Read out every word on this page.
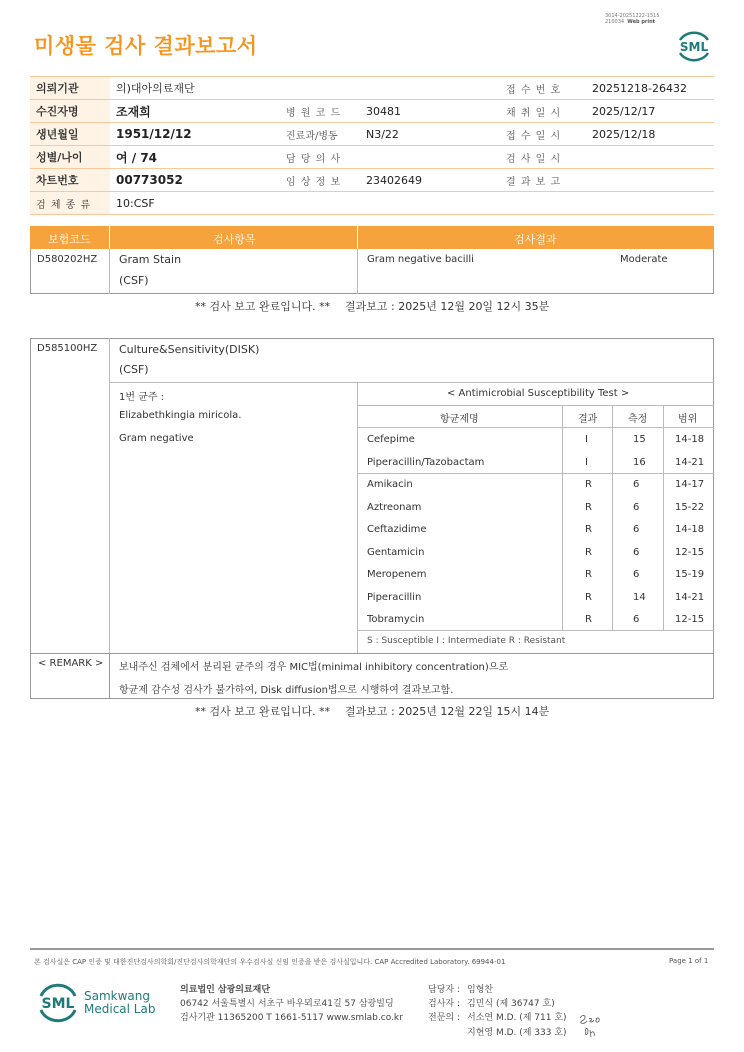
3014-20251222-1515
210034 Web print
미생물 검사 결과보고서	SML
의뢰기관	의)대아의료재단			접 수 번 호	20251218-26432
수진자명	조재희	병 원 코 드	30481	채 취 일 시	2025/12/17
생년월일	1951/12/12	진료과/병동	N3/22	접 수 일 시	2025/12/18
성별/나이	여 / 74	담 당 의 사		검 사 일 시	
차트번호	00773052	임 상 정 보	23402649	결 과 보 고	
검 체 종 류	10:CSF				
보험코드	검사항목	검사결과
D580202HZ Gram Stain
(CSF)
Gram negative bacilli	Moderate
** 검사 보고 완료입니다. ** 결과보고 : 2025년 12월 20일 12시 35분
D585100HZ Culture&Sensitivity(DISK)
(CSF)
1번 균주 :
Elizabethkingia miricola.
Gram negative
< Antimicrobial Susceptibility Test >
항균제명	결과	측정	범위
Cefepime	I	15	14-18
Piperacillin/Tazobactam	I	16	14-21
Amikacin	R	6	14-17
Aztreonam	R	6	15-22
Ceftazidime	R	6	14-18
Gentamicin	R	6	12-15
Meropenem	R	6	15-19
Piperacillin	R	14	14-21
Tobramycin	R	6	12-15
S : Susceptible I : Intermediate R : Resistant
< REMARK > 보내주신 검체에서 분리된 균주의 경우 MIC법(minimal inhibitory concentration)으로
항균제 감수성 검사가 불가하여, Disk diffusion법으로 시행하여 결과보고함.
** 검사 보고 완료입니다. ** 결과보고 : 2025년 12월 22일 15시 14분
본 검사실은 CAP 인증 및 대한진단검사의학회/진단검사의학재단의 우수검사실 신임 인증을 받은 검사실입니다. CAP Accredited Laboratory. 69944-01	Page 1 of 1
SML Samkwang
Medical Lab
의료법인 삼광의료재단
06742 서울특별시 서초구 바우뫼로41길 57 삼광빌딩
검사기관 11365200 T 1661-5117 www.smlab.co.kr
담당자 : 임형찬
검사자 : 김민식 (제 36747 호)
전문의 : 서소연 M.D. (제 711 호)
지현영 M.D. (제 333 호)
